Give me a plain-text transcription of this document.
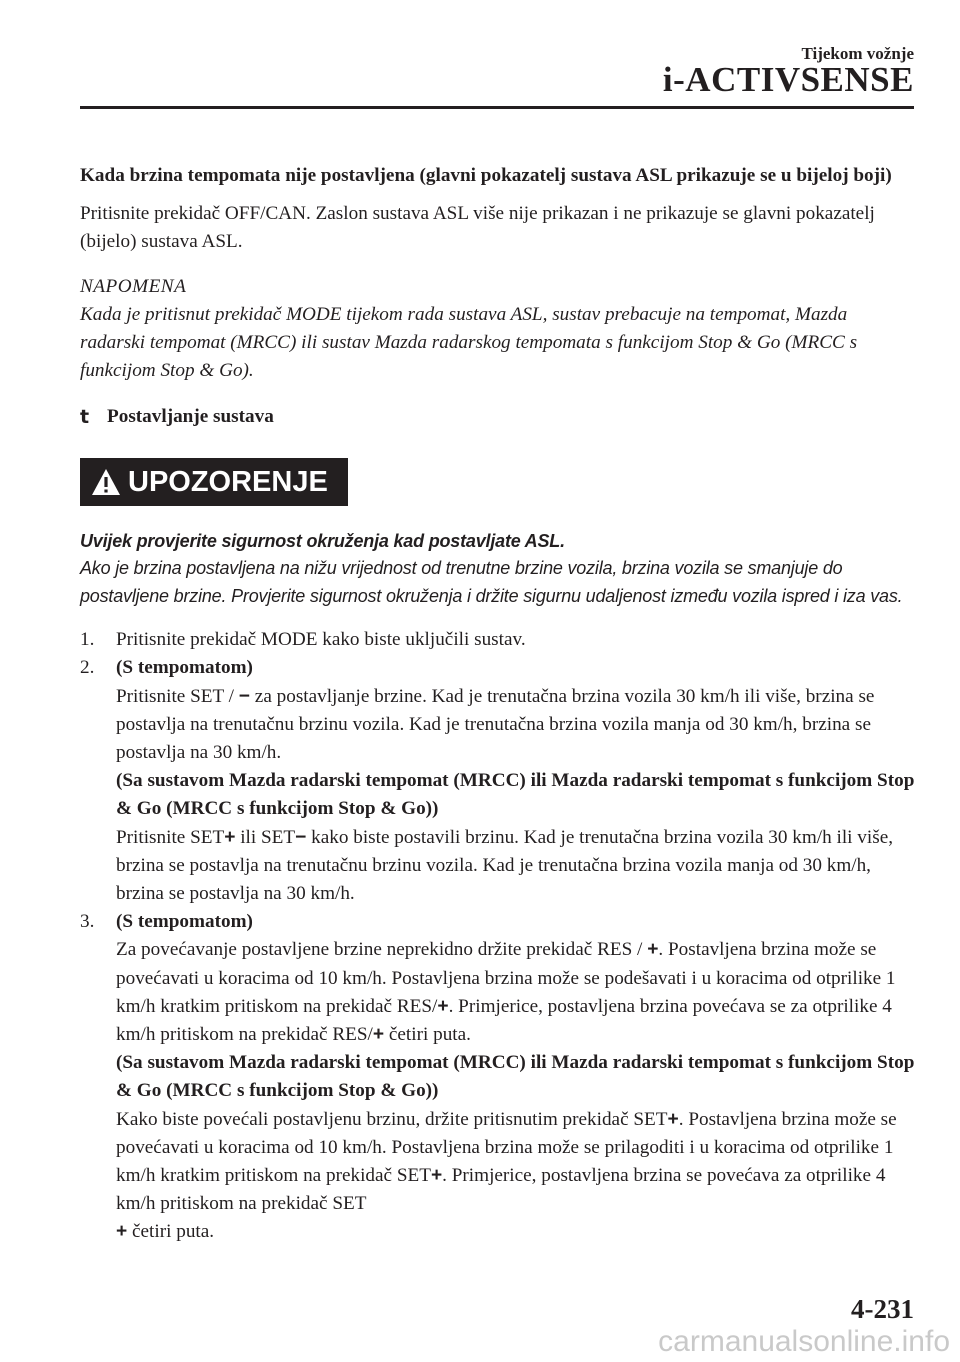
Tijekom vožnje
i-ACTIVSENSE

Kada brzina tempomata nije postavljena (glavni pokazatelj sustava ASL prikazuje se u bijeloj boji)

Pritisnite prekidač OFF/CAN. Zaslon sustava ASL više nije prikazan i ne prikazuje se glavni pokazatelj (bijelo) sustava ASL.

NAPOMENA

Kada je pritisnut prekidač MODE tijekom rada sustava ASL, sustav prebacuje na tempomat, Mazda radarski tempomat (MRCC) ili sustav Mazda radarskog tempomata s funkcijom Stop & Go (MRCC s funkcijom Stop & Go).

t Postavljanje sustava
UPOZORENJE
Uvijek provjerite sigurnost okruženja kad postavljate ASL.
Ako je brzina postavljena na nižu vrijednost od trenutne brzine vozila, brzina vozila se smanjuje do postavljene brzine. Provjerite sigurnost okruženja i držite sigurnu udaljenost između vozila ispred i iza vas.
1. Pritisnite prekidač MODE kako biste uključili sustav.
2. (S tempomatom)
Pritisnite SET / − za postavljanje brzine. Kad je trenutačna brzina vozila 30 km/h ili više, brzina se postavlja na trenutačnu brzinu vozila. Kad je trenutačna brzina vozila manja od 30 km/h, brzina se postavlja na 30 km/h.
(Sa sustavom Mazda radarski tempomat (MRCC) ili Mazda radarski tempomat s funkcijom Stop & Go (MRCC s funkcijom Stop & Go))
Pritisnite SET+ ili SET− kako biste postavili brzinu. Kad je trenutačna brzina vozila 30 km/h ili više, brzina se postavlja na trenutačnu brzinu vozila. Kad je trenutačna brzina vozila manja od 30 km/h, brzina se postavlja na 30 km/h.
3. (S tempomatom)
Za povećavanje postavljene brzine neprekidno držite prekidač RES / +. Postavljena brzina može se povećavati u koracima od 10 km/h. Postavljena brzina može se podešavati i u koracima od otprilike 1 km/h kratkim pritiskom na prekidač RES/+. Primjerice, postavljena brzina povećava se za otprilike 4 km/h pritiskom na prekidač RES/+ četiri puta.
(Sa sustavom Mazda radarski tempomat (MRCC) ili Mazda radarski tempomat s funkcijom Stop & Go (MRCC s funkcijom Stop & Go))
Kako biste povećali postavljenu brzinu, držite pritisnutim prekidač SET+. Postavljena brzina može se povećavati u koracima od 10 km/h. Postavljena brzina može se prilagoditi i u koracima od otprilike 1 km/h kratkim pritiskom na prekidač SET+. Primjerice, postavljena brzina se povećava za otprilike 4 km/h pritiskom na prekidač SET
+ četiri puta.
4-231
carmanualsonline.info
